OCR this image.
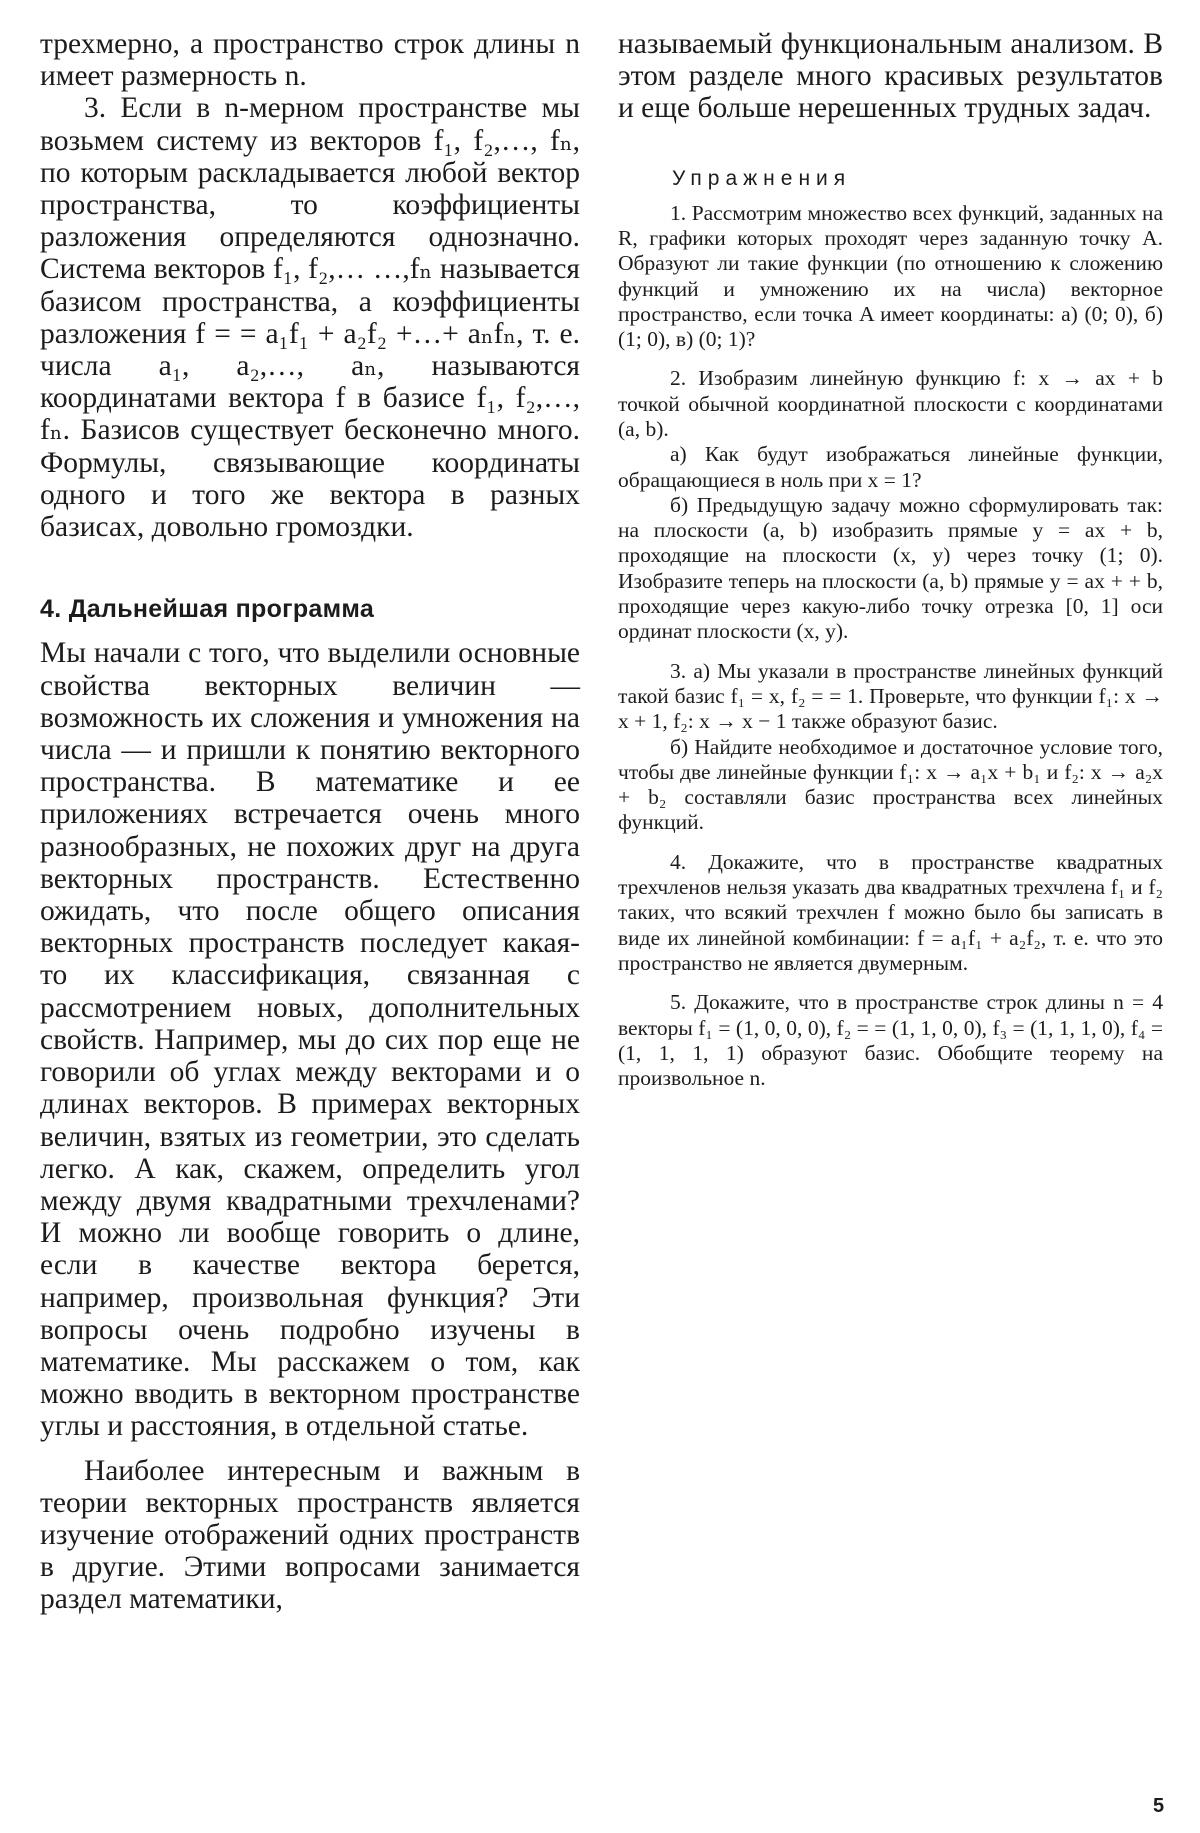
трехмерно, а пространство строк длины n имеет размерность n.

3. Если в n-мерном пространстве мы возьмем систему из векторов f₁, f₂,…, fₙ, по которым раскладывается любой вектор пространства, то коэффициенты разложения определяются однозначно. Система векторов f₁, f₂,… …,fₙ называется базисом пространства, а коэффициенты разложения f = = a₁f₁ + a₂f₂ +…+ aₙfₙ, т. е. числа a₁, a₂,…, aₙ, называются координатами вектора f в базисе f₁, f₂,…, fₙ. Базисов существует бесконечно много. Формулы, связывающие координаты одного и того же вектора в разных базисах, довольно громоздки.

4. Дальнейшая программа

Мы начали с того, что выделили основные свойства векторных величин — возможность их сложения и умножения на числа — и пришли к понятию векторного пространства. В математике и ее приложениях встречается очень много разнообразных, не похожих друг на друга векторных пространств. Естественно ожидать, что после общего описания векторных пространств последует какая-то их классификация, связанная с рассмотрением новых, дополнительных свойств. Например, мы до сих пор еще не говорили об углах между векторами и о длинах векторов. В примерах векторных величин, взятых из геометрии, это сделать легко. А как, скажем, определить угол между двумя квадратными трехчленами? И можно ли вообще говорить о длине, если в качестве вектора берется, например, произвольная функция? Эти вопросы очень подробно изучены в математике. Мы расскажем о том, как можно вводить в векторном пространстве углы и расстояния, в отдельной статье.

Наиболее интересным и важным в теории векторных пространств является изучение отображений одних пространств в другие. Этими вопросами занимается раздел математики,

называемый функциональным анализом. В этом разделе много красивых результатов и еще больше нерешенных трудных задач.

Упражнения

1. Рассмотрим множество всех функций, заданных на R, графики которых проходят через заданную точку A. Образуют ли такие функции (по отношению к сложению функций и умножению их на числа) векторное пространство, если точка A имеет координаты: а) (0; 0), б) (1; 0), в) (0; 1)?

2. Изобразим линейную функцию f: x → ax + b точкой обычной координатной плоскости с координатами (a, b).

а) Как будут изображаться линейные функции, обращающиеся в ноль при x = 1?

б) Предыдущую задачу можно сформулировать так: на плоскости (a, b) изобразить прямые y = ax + b, проходящие на плоскости (x, y) через точку (1; 0). Изобразите теперь на плоскости (a, b) прямые y = ax + + b, проходящие через какую-либо точку отрезка [0, 1] оси ординат плоскости (x, y).

3. а) Мы указали в пространстве линейных функций такой базис f₁ = x, f₂ = = 1. Проверьте, что функции f₁: x → x + 1, f₂: x → x − 1 также образуют базис.

б) Найдите необходимое и достаточное условие того, чтобы две линейные функции f₁: x → a₁x + b₁ и f₂: x → a₂x + b₂ составляли базис пространства всех линейных функций.

4. Докажите, что в пространстве квадратных трехчленов нельзя указать два квадратных трехчлена f₁ и f₂ таких, что всякий трехчлен f можно было бы записать в виде их линейной комбинации: f = a₁f₁ + a₂f₂, т. е. что это пространство не является двумерным.

5. Докажите, что в пространстве строк длины n = 4 векторы f₁ = (1, 0, 0, 0), f₂ = = (1, 1, 0, 0), f₃ = (1, 1, 1, 0), f₄ = (1, 1, 1, 1) образуют базис. Обобщите теорему на произвольное n.

5
